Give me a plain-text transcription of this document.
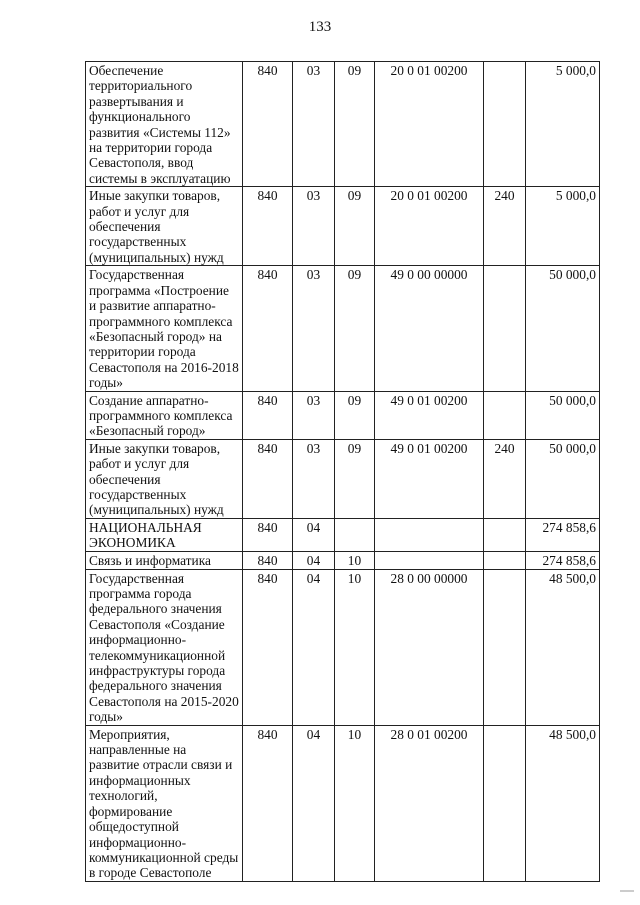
133
Обеспечение территориального развертывания и функционального развития «Системы 112» на территории города Севастополя, ввод системы в эксплуатацию	840	03	09	20 0 01 00200		5 000,0
Иные закупки товаров, работ и услуг для обеспечения государственных (муниципальных) нужд	840	03	09	20 0 01 00200	240	5 000,0
Государственная программа «Построение и развитие аппаратно-программного комплекса «Безопасный город» на территории города Севастополя на 2016-2018 годы»	840	03	09	49 0 00 00000		50 000,0
Создание аппаратно-программного комплекса «Безопасный город»	840	03	09	49 0 01 00200		50 000,0
Иные закупки товаров, работ и услуг для обеспечения государственных (муниципальных) нужд	840	03	09	49 0 01 00200	240	50 000,0
НАЦИОНАЛЬНАЯ ЭКОНОМИКА	840	04				274 858,6
Связь и информатика	840	04	10			274 858,6
Государственная программа города федерального значения Севастополя «Создание информационно-телекоммуникационной инфраструктуры города федерального значения Севастополя на 2015-2020 годы»	840	04	10	28 0 00 00000		48 500,0
Мероприятия, направленные на развитие отрасли связи и информационных технологий, формирование общедоступной информационно-коммуникационной среды в городе Севастополе	840	04	10	28 0 01 00200		48 500,0
